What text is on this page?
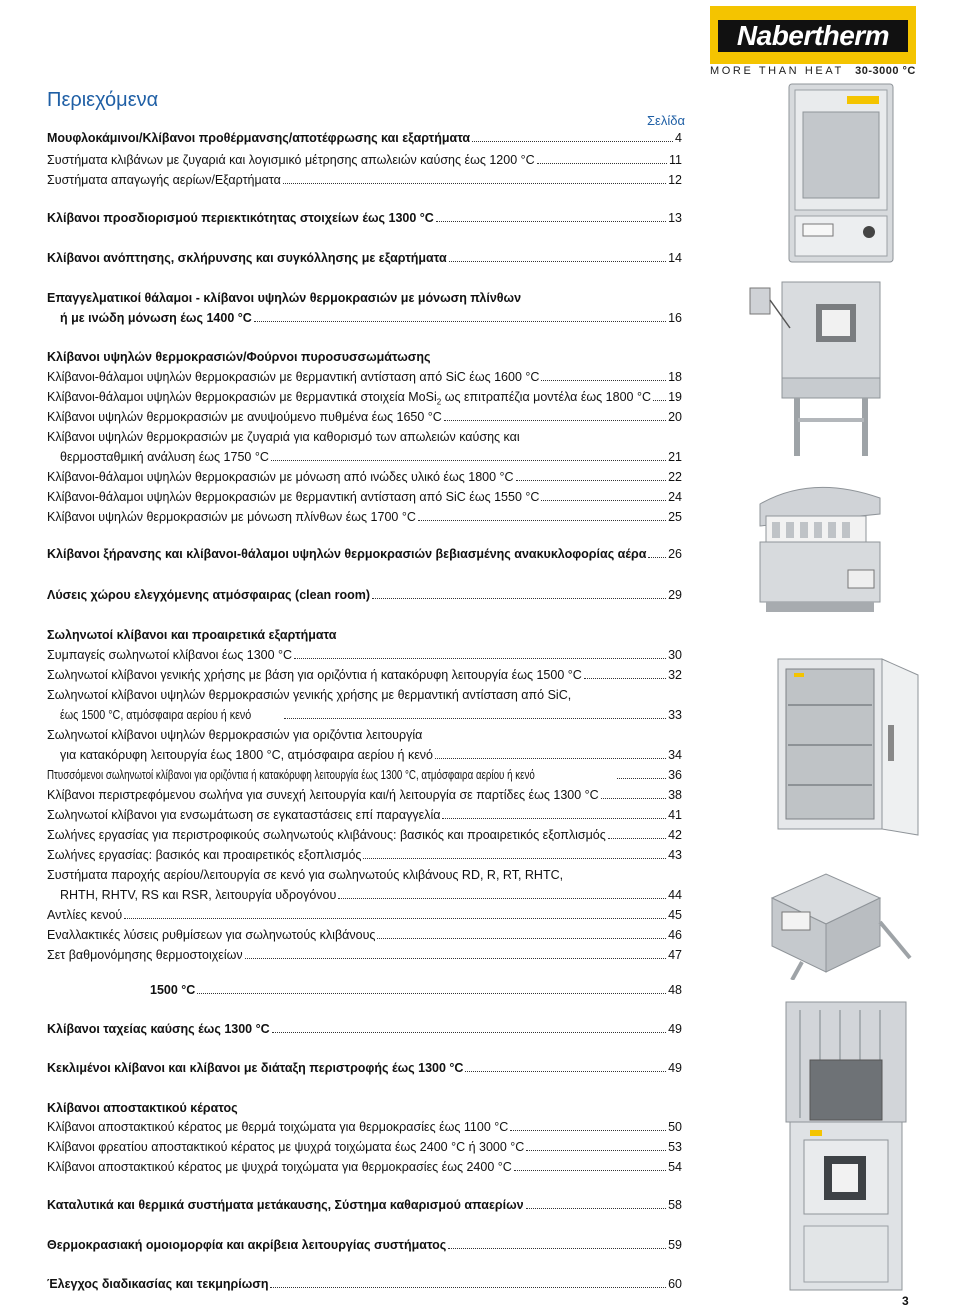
Nabertherm
MORE THAN HEAT 30-3000 °C
Περιεχόμενα
Σελίδα
Μουφλοκάμινοι/Κλίβανοι προθέρμανσης/αποτέφρωσης και εξαρτήματα	4
Συστήματα κλιβάνων με ζυγαριά και λογισμικό μέτρησης απωλειών καύσης έως 1200 °C	11
Συστήματα απαγωγής αερίων/Εξαρτήματα	12
Κλίβανοι προσδιορισμού περιεκτικότητας στοιχείων έως 1300 °C	13
Κλίβανοι ανόπτησης, σκλήρυνσης και συγκόλλησης με εξαρτήματα	14
Επαγγελματικοί θάλαμοι - κλίβανοι υψηλών θερμοκρασιών με μόνωση πλίνθων
ή με ινώδη μόνωση έως 1400 °C	16
Κλίβανοι υψηλών θερμοκρασιών/Φούρνοι πυροσυσσωμάτωσης
Κλίβανοι-θάλαμοι υψηλών θερμοκρασιών με θερμαντική αντίσταση από SiC έως 1600 °C	18
Κλίβανοι-θάλαμοι υψηλών θερμοκρασιών με θερμαντικά στοιχεία MoSi$_2$ ως επιτραπέζια μοντέλα έως 1800 °C 19
Κλίβανοι υψηλών θερμοκρασιών με ανυψούμενο πυθμένα έως 1650 °C	20
Κλίβανοι υψηλών θερμοκρασιών με ζυγαριά για καθορισμό των απωλειών καύσης και
θερμοσταθμική ανάλυση έως 1750 °C	21
Κλίβανοι-θάλαμοι υψηλών θερμοκρασιών με μόνωση από ινώδες υλικό έως 1800 °C	22
Κλίβανοι-θάλαμοι υψηλών θερμοκρασιών με θερμαντική αντίσταση από SiC έως 1550 °C	24
Κλίβανοι υψηλών θερμοκρασιών με μόνωση πλίνθων έως 1700 °C	25
Κλίβανοι ξήρανσης και κλίβανοι-θάλαμοι υψηλών θερμοκρασιών βεβιασμένης ανακυκλοφορίας αέρα 26
Λύσεις χώρου ελεγχόμενης ατμόσφαιρας (clean room)	29
Σωληνωτοί κλίβανοι και προαιρετικά εξαρτήματα
Συμπαγείς σωληνωτοί κλίβανοι έως 1300 °C	30
Σωληνωτοί κλίβανοι γενικής χρήσης με βάση για οριζόντια ή κατακόρυφη λειτουργία έως 1500 °C	32
Σωληνωτοί κλίβανοι υψηλών θερμοκρασιών γενικής χρήσης με θερμαντική αντίσταση από SiC,
έως 1500 °C, ατμόσφαιρα αερίου ή κενό	33
Σωληνωτοί κλίβανοι υψηλών θερμοκρασιών για οριζόντια λειτουργία
για κατακόρυφη λειτουργία έως 1800 °C, ατμόσφαιρα αερίου ή κενό	34
Πτυσσόμενοι σωληνωτοί κλίβανοι για οριζόντια ή κατακόρυφη λειτουργία έως 1300 °C, ατμόσφαιρα αερίου ή κενό	36
Κλίβανοι περιστρεφόμενου σωλήνα για συνεχή λειτουργία και/ή λειτουργία σε παρτίδες έως 1300 °C	38
Σωληνωτοί κλίβανοι για ενσωμάτωση σε εγκαταστάσεις επί παραγγελία	41
Σωλήνες εργασίας για περιστροφικούς σωληνωτούς κλιβάνους: βασικός και προαιρετικός εξοπλισμός	42
Σωλήνες εργασίας: βασικός και προαιρετικός εξοπλισμός	43
Συστήματα παροχής αερίου/λειτουργία σε κενό για σωληνωτούς κλιβάνους RD, R, RT, RHTC,
RHTH, RHTV, RS και RSR, λειτουργία υδρογόνου	44
Αντλίες κενού	45
Εναλλακτικές λύσεις ρυθμίσεων για σωληνωτούς κλιβάνους	46
Σετ βαθμονόμησης θερμοστοιχείων	47
1500 °C	48
Κλίβανοι ταχείας καύσης έως 1300 °C	49
Κεκλιμένοι κλίβανοι και κλίβανοι με διάταξη περιστροφής έως 1300 °C	49
Κλίβανοι αποστακτικού κέρατος
Κλίβανοι αποστακτικού κέρατος με θερμά τοιχώματα για θερμοκρασίες έως 1100 °C	50
Κλίβανοι φρεατίου αποστακτικού κέρατος με ψυχρά τοιχώματα έως 2400 °C ή 3000 °C	53
Κλίβανοι αποστακτικού κέρατος με ψυχρά τοιχώματα για θερμοκρασίες έως 2400 °C	54
Καταλυτικά και θερμικά συστήματα μετάκαυσης, Σύστημα καθαρισμού απαερίων	58
Θερμοκρασιακή ομοιομορφία και ακρίβεια λειτουργίας συστήματος	59
Έλεγχος διαδικασίας και τεκμηρίωση	60
3
